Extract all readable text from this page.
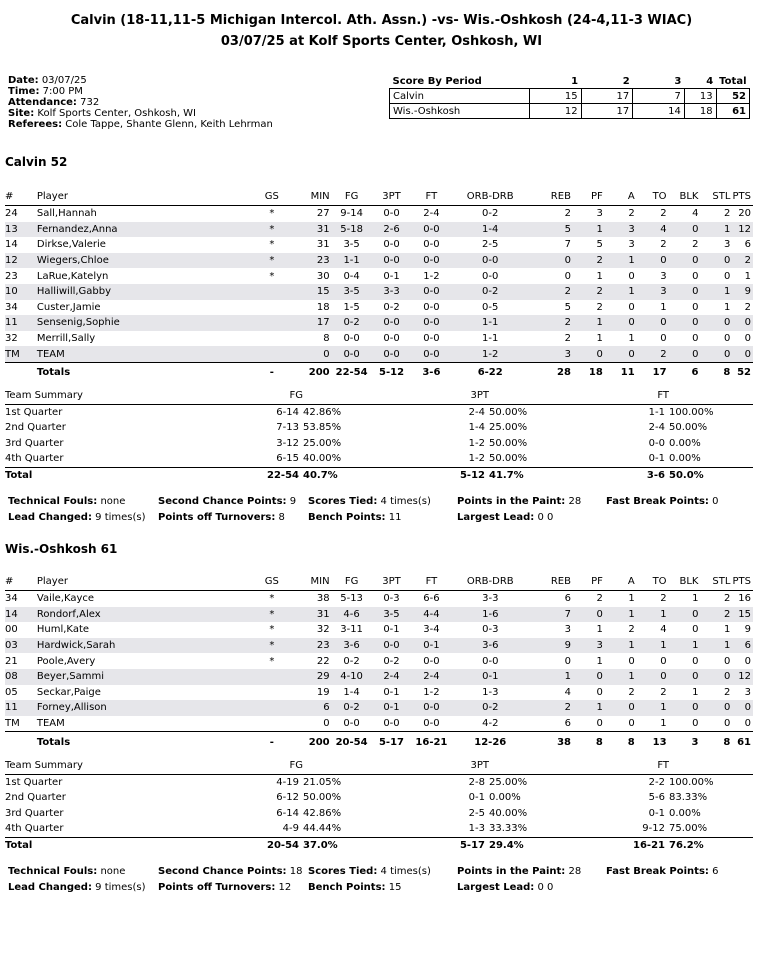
Calvin (18-11,11-5 Michigan Intercol. Ath. Assn.) -vs- Wis.-Oshkosh (24-4,11-3 WIAC)
03/07/25 at Kolf Sports Center, Oshkosh, WI
Date: 03/07/25
Time: 7:00 PM
Attendance: 732
Site: Kolf Sports Center, Oshkosh, WI
Referees: Cole Tappe, Shante Glenn, Keith Lehrman
Score By Period	1	2	3	4	Total
Calvin	15	17	7	13	52
Wis.-Oshkosh	12	17	14	18	61
Calvin 52
#	Player	GS	MIN	FG	3PT	FT	ORB-DRB	REB	PF	A	TO	BLK	STL	PTS
24	Sall,Hannah	*	27	9-14	0-0	2-4	0-2	2	3	2	2	4	2	20
13	Fernandez,Anna	*	31	5-18	2-6	0-0	1-4	5	1	3	4	0	1	12
14	Dirkse,Valerie	*	31	3-5	0-0	0-0	2-5	7	5	3	2	2	3	6
12	Wiegers,Chloe	*	23	1-1	0-0	0-0	0-0	0	2	1	0	0	0	2
23	LaRue,Katelyn	*	30	0-4	0-1	1-2	0-0	0	1	0	3	0	0	1
10	Halliwill,Gabby		15	3-5	3-3	0-0	0-2	2	2	1	3	0	1	9
34	Custer,Jamie		18	1-5	0-2	0-0	0-5	5	2	0	1	0	1	2
11	Sensenig,Sophie		17	0-2	0-0	0-0	1-1	2	1	0	0	0	0	0
32	Merrill,Sally		8	0-0	0-0	0-0	1-1	2	1	1	0	0	0	0
TM	TEAM		0	0-0	0-0	0-0	1-2	3	0	0	2	0	0	0
	Totals	-	200	22-54	5-12	3-6	6-22	28	18	11	17	6	8	52
Team Summary	FG		3PT		FT	
1st Quarter	6-14	42.86%	2-4	50.00%	1-1	100.00%
2nd Quarter	7-13	53.85%	1-4	25.00%	2-4	50.00%
3rd Quarter	3-12	25.00%	1-2	50.00%	0-0	0.00%
4th Quarter	6-15	40.00%	1-2	50.00%	0-1	0.00%
Total	22-54	40.7%	5-12	41.7%	3-6	50.0%
Technical Fouls: none	Second Chance Points: 9 Scores Tied: 4 times(s)	Points in the Paint: 28 Fast Break Points: 0
Lead Changed: 9 times(s) Points off Turnovers: 8 Bench Points: 11	Largest Lead: 0 0
Wis.-Oshkosh 61
#	Player	GS	MIN	FG	3PT	FT	ORB-DRB	REB	PF	A	TO	BLK	STL	PTS
34	Vaile,Kayce	*	38	5-13	0-3	6-6	3-3	6	2	1	2	1	2	16
14	Rondorf,Alex	*	31	4-6	3-5	4-4	1-6	7	0	1	1	0	2	15
00	Huml,Kate	*	32	3-11	0-1	3-4	0-3	3	1	2	4	0	1	9
03	Hardwick,Sarah	*	23	3-6	0-0	0-1	3-6	9	3	1	1	1	1	6
21	Poole,Avery	*	22	0-2	0-2	0-0	0-0	0	1	0	0	0	0	0
08	Beyer,Sammi		29	4-10	2-4	2-4	0-1	1	0	1	0	0	0	12
05	Seckar,Paige		19	1-4	0-1	1-2	1-3	4	0	2	2	1	2	3
11	Forney,Allison		6	0-2	0-1	0-0	0-2	2	1	0	1	0	0	0
TM	TEAM		0	0-0	0-0	0-0	4-2	6	0	0	1	0	0	0
	Totals	-	200	20-54	5-17	16-21	12-26	38	8	8	13	3	8	61
Team Summary	FG		3PT		FT	
1st Quarter	4-19	21.05%	2-8	25.00%	2-2	100.00%
2nd Quarter	6-12	50.00%	0-1	0.00%	5-6	83.33%
3rd Quarter	6-14	42.86%	2-5	40.00%	0-1	0.00%
4th Quarter	4-9	44.44%	1-3	33.33%	9-12	75.00%
Total	20-54	37.0%	5-17	29.4%	16-21	76.2%
Technical Fouls: none	Second Chance Points: 18 Scores Tied: 4 times(s)	Points in the Paint: 28 Fast Break Points: 6
Lead Changed: 9 times(s) Points off Turnovers: 12 Bench Points: 15	Largest Lead: 0 0
